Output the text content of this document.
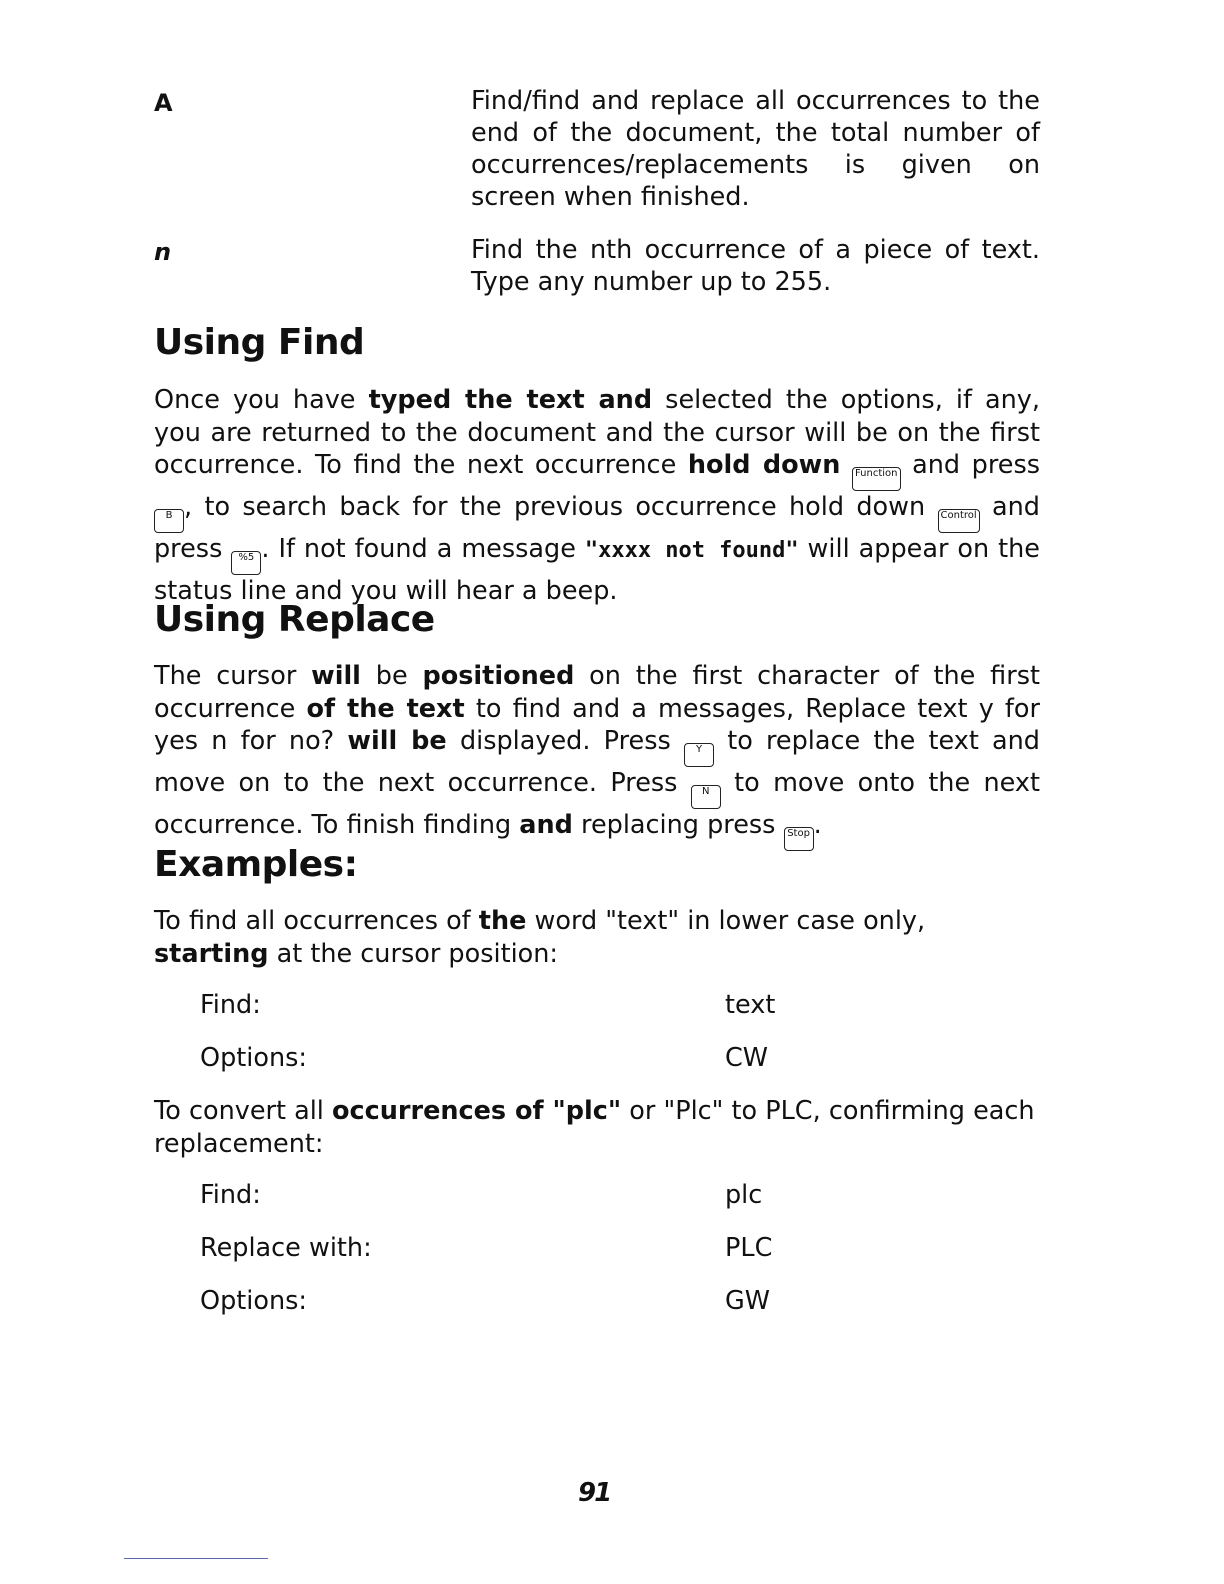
A	Find/find and replace all occurrences to the end of the document, the total number of occurrences/replacements is given on screen when finished.
n	Find the nth occurrence of a piece of text. Type any number up to 255.
Using Find

Once you have typed the text and selected the options, if any, you are returned to the document and the cursor will be on the first occurrence. To find the next occurrence hold down Function and press B , to search back for the previous occurrence hold down Control and press %5 . If not found a message "xxxx not found" will appear on the status line and you will hear a beep.

Using Replace

The cursor will be positioned on the first character of the first occurrence of the text to find and a messages, Replace text y for yes n for no? will be displayed. Press Y to replace the text and move on to the next occurrence. Press N to move onto the next occurrence. To finish finding and replacing press Stop .

Examples:

To find all occurrences of the word "text" in lower case only, starting at the cursor position:

Find:	text
Options:	CW

To convert all occurrences of "plc" or "Plc" to PLC, confirming each replacement:

Find:	plc
Replace with:	PLC
Options:	GW
91
